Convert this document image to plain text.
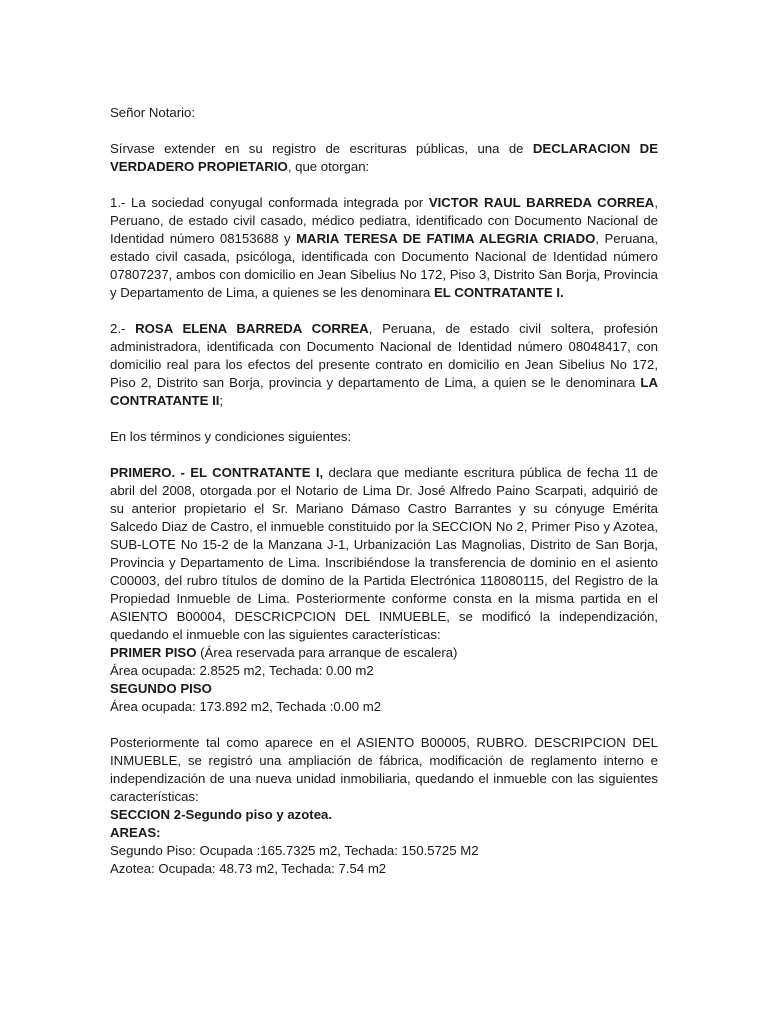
Señor Notario:

Sírvase extender en su registro de escrituras públicas, una de DECLARACION DE VERDADERO PROPIETARIO, que otorgan:

1.- La sociedad conyugal conformada integrada por VICTOR RAUL BARREDA CORREA, Peruano, de estado civil casado, médico pediatra, identificado con Documento Nacional de Identidad número 08153688 y MARIA TERESA DE FATIMA ALEGRIA CRIADO, Peruana, estado civil casada, psicóloga, identificada con Documento Nacional de Identidad número 07807237, ambos con domicilio en Jean Sibelius No 172, Piso 3, Distrito San Borja, Provincia y Departamento de Lima, a quienes se les denominara EL CONTRATANTE I.

2.- ROSA ELENA BARREDA CORREA, Peruana, de estado civil soltera, profesión administradora, identificada con Documento Nacional de Identidad número 08048417, con domicilio real para los efectos del presente contrato en domicilio en Jean Sibelius No 172, Piso 2, Distrito san Borja, provincia y departamento de Lima, a quien se le denominara LA CONTRATANTE II;

En los términos y condiciones siguientes:

PRIMERO. - EL CONTRATANTE I, declara que mediante escritura pública de fecha 11 de abril del 2008, otorgada por el Notario de Lima Dr. José Alfredo Paino Scarpati, adquirió de su anterior propietario el Sr. Mariano Dámaso Castro Barrantes y su cónyuge Emérita Salcedo Diaz de Castro, el inmueble constituido por la SECCION No 2, Primer Piso y Azotea, SUB-LOTE No 15-2 de la Manzana J-1, Urbanización Las Magnolias, Distrito de San Borja, Provincia y Departamento de Lima. Inscribiéndose la transferencia de dominio en el asiento C00003, del rubro títulos de domino de la Partida Electrónica 118080115, del Registro de la Propiedad Inmueble de Lima. Posteriormente conforme consta en la misma partida en el ASIENTO B00004, DESCRICPCION DEL INMUEBLE, se modificó la independización, quedando el inmueble con las siguientes características:

PRIMER PISO (Área reservada para arranque de escalera)

Área ocupada: 2.8525 m2, Techada: 0.00 m2

SEGUNDO PISO

Área ocupada: 173.892 m2, Techada :0.00 m2

Posteriormente tal como aparece en el ASIENTO B00005, RUBRO. DESCRIPCION DEL INMUEBLE, se registró una ampliación de fábrica, modificación de reglamento interno e independización de una nueva unidad inmobiliaria, quedando el inmueble con las siguientes características:

SECCION 2-Segundo piso y azotea.

AREAS:

Segundo Piso: Ocupada :165.7325 m2, Techada: 150.5725 M2

Azotea: Ocupada: 48.73 m2, Techada: 7.54 m2
